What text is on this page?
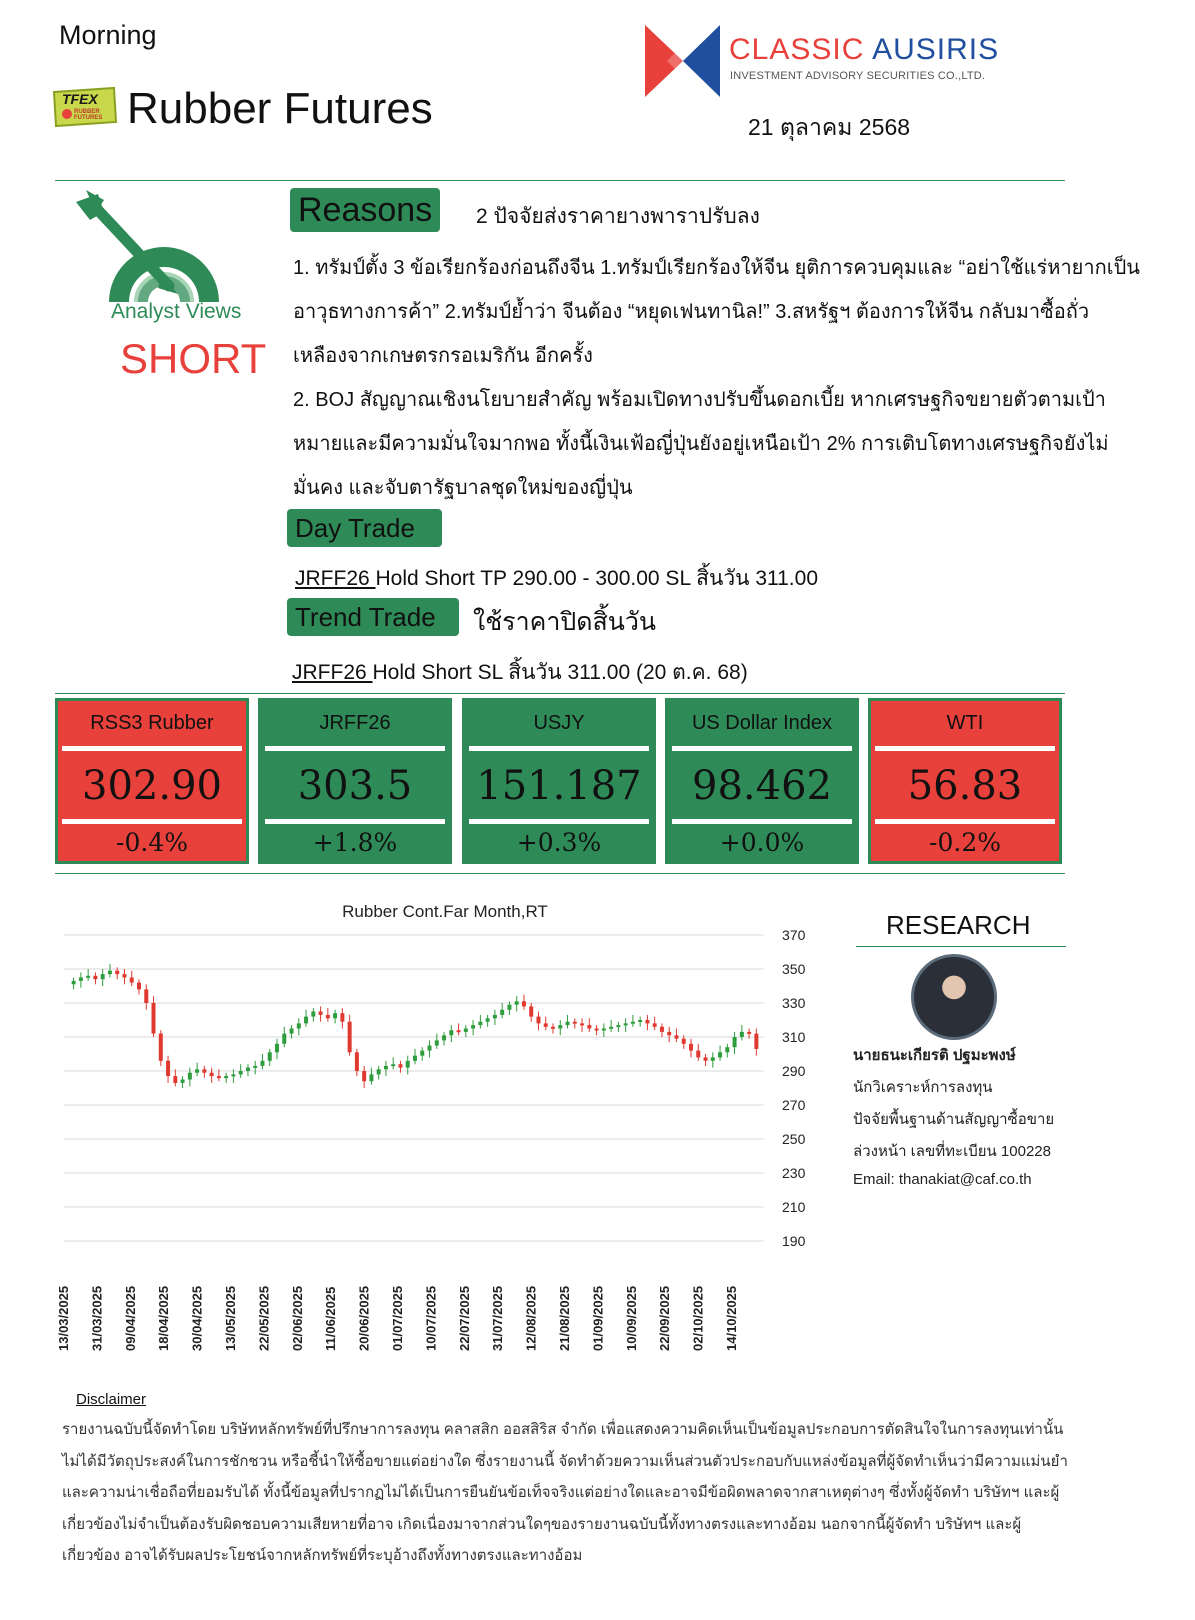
Morning
TFEX
RUBBER
FUTURES Rubber Futures
CLASSIC AUSIRIS
INVESTMENT ADVISORY SECURITIES CO.,LTD.
21 ตุลาคม 2568
Analyst Views
SHORT
Reasons	2 ปัจจัยส่งราคายางพาราปรับลง
1. ทรัมป์ตั้ง 3 ข้อเรียกร้องก่อนถึงจีน 1.ทรัมป์เรียกร้องให้จีน ยุติการควบคุมและ “อย่าใช้แร่หายากเป็นอาวุธทางการค้า” 2.ทรัมป์ย้ำว่า จีนต้อง “หยุดเฟนทานิล!” 3.สหรัฐฯ ต้องการให้จีน กลับมาซื้อถั่วเหลืองจากเกษตรกรอเมริกัน อีกครั้ง
2. BOJ สัญญาณเชิงนโยบายสำคัญ พร้อมเปิดทางปรับขึ้นดอกเบี้ย หากเศรษฐกิจขยายตัวตามเป้าหมายและมีความมั่นใจมากพอ ทั้งนี้เงินเฟ้อญี่ปุ่นยังอยู่เหนือเป้า 2% การเติบโตทางเศรษฐกิจยังไม่มั่นคง และจับตารัฐบาลชุดใหม่ของญี่ปุ่น
Day Trade
JRFF26 Hold Short TP 290.00 - 300.00 SL สิ้นวัน 311.00
Trend Trade	ใช้ราคาปิดสิ้นวัน
JRFF26 Hold Short SL สิ้นวัน 311.00 (20 ต.ค. 68)
RSS3 Rubber
302.90
-0.4%
JRFF26
303.5
+1.8%
USJY
151.187
+0.3%
US Dollar Index
98.462
+0.0%
WTI
56.83
-0.2%
Rubber Cont.Far Month,RT
370
350
330
310
290
270
250
230
210
190
13/03/2025 31/03/2025 09/04/2025 18/04/2025 30/04/2025 13/05/2025 22/05/2025 02/06/2025 11/06/2025 20/06/2025 01/07/2025 10/07/2025 22/07/2025 31/07/2025 12/08/2025 21/08/2025 01/09/2025 10/09/2025 22/09/2025 02/10/2025 14/10/2025
RESEARCH
นายธนะเกียรติ ปฐมะพงษ์
นักวิเคราะห์การลงทุน
ปัจจัยพื้นฐานด้านสัญญาซื้อขาย
ล่วงหน้า เลขที่ทะเบียน 100228
Email: thanakiat@caf.co.th
Disclaimer
รายงานฉบับนี้จัดทำโดย บริษัทหลักทรัพย์ที่ปรึกษาการลงทุน คลาสสิก ออสสิริส จำกัด เพื่อแสดงความคิดเห็นเป็นข้อมูลประกอบการตัดสินใจในการลงทุนเท่านั้น ไม่ได้มีวัตถุประสงค์ในการชักชวน หรือชี้นำให้ซื้อขายแต่อย่างใด ซึ่งรายงานนี้ จัดทำด้วยความเห็นส่วนตัวประกอบกับแหล่งข้อมูลที่ผู้จัดทำเห็นว่ามีความแม่นยำและความน่าเชื่อถือที่ยอมรับได้ ทั้งนี้ข้อมูลที่ปรากฏไม่ได้เป็นการยืนยันข้อเท็จจริงแต่อย่างใดและอาจมีข้อผิดพลาดจากสาเหตุต่างๆ ซึ่งทั้งผู้จัดทำ บริษัทฯ และผู้เกี่ยวข้องไม่จำเป็นต้องรับผิดชอบความเสียหายที่อาจ เกิดเนื่องมาจากส่วนใดๆของรายงานฉบับนี้ทั้งทางตรงและทางอ้อม นอกจากนี้ผู้จัดทำ บริษัทฯ และผู้เกี่ยวข้อง อาจได้รับผลประโยชน์จากหลักทรัพย์ที่ระบุอ้างถึงทั้งทางตรงและทางอ้อม
